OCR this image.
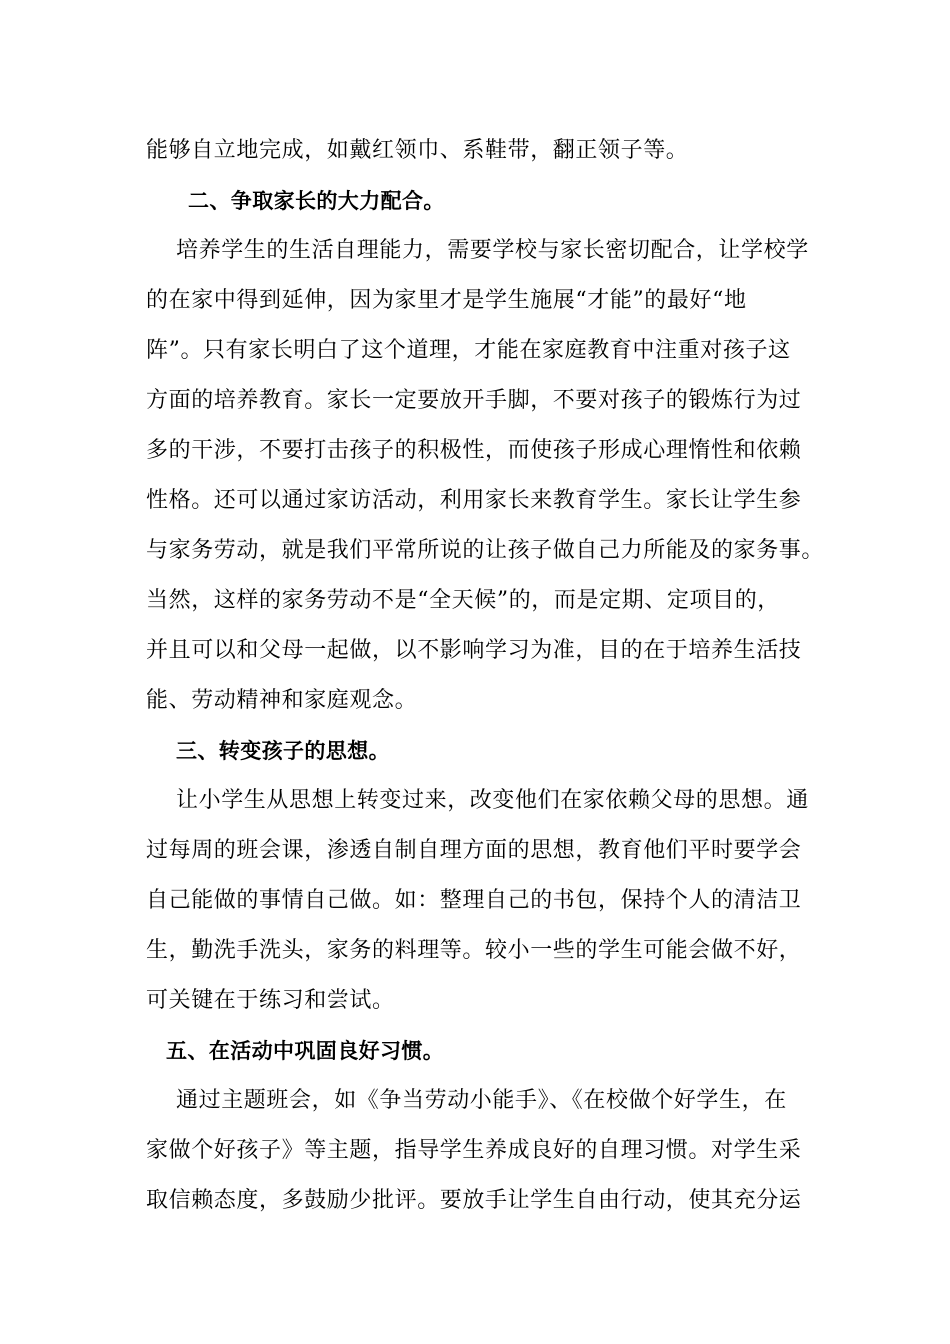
能够自立地完成，如戴红领巾、系鞋带，翻正领子等。
二、争取家长的大力配合。
培养学生的生活自理能力，需要学校与家长密切配合，让学校学
的在家中得到延伸，因为家里才是学生施展“才能”的最好“地
阵”。只有家长明白了这个道理，才能在家庭教育中注重对孩子这
方面的培养教育。家长一定要放开手脚，不要对孩子的锻炼行为过
多的干涉，不要打击孩子的积极性，而使孩子形成心理惰性和依赖
性格。还可以通过家访活动，利用家长来教育学生。家长让学生参
与家务劳动，就是我们平常所说的让孩子做自己力所能及的家务事。
当然，这样的家务劳动不是“全天候”的，而是定期、定项目的，
并且可以和父母一起做，以不影响学习为准，目的在于培养生活技
能、劳动精神和家庭观念。
三、转变孩子的思想。
让小学生从思想上转变过来，改变他们在家依赖父母的思想。通
过每周的班会课，渗透自制自理方面的思想，教育他们平时要学会
自己能做的事情自己做。如：整理自己的书包，保持个人的清洁卫
生，勤洗手洗头，家务的料理等。较小一些的学生可能会做不好，
可关键在于练习和尝试。
五、在活动中巩固良好习惯。
通过主题班会，如《争当劳动小能手》、《在校做个好学生，在
家做个好孩子》等主题，指导学生养成良好的自理习惯。对学生采
取信赖态度，多鼓励少批评。要放手让学生自由行动，使其充分运
